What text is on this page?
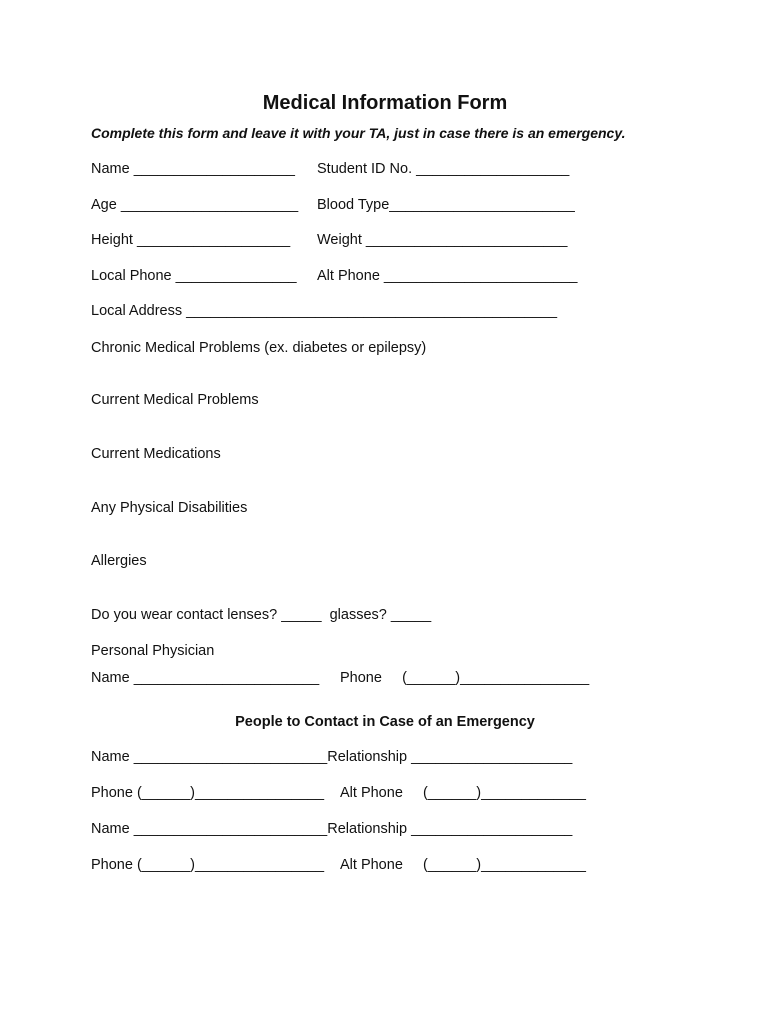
Medical Information Form
Complete this form and leave it with your TA, just in case there is an emergency.
Name ____________________ Student ID No. ___________________
Age ______________________ Blood Type_______________________
Height ___________________ Weight _________________________
Local Phone _______________ Alt Phone ________________________
Local Address ______________________________________________
Chronic Medical Problems (ex. diabetes or epilepsy)
Current Medical Problems
Current Medications
Any Physical Disabilities
Allergies
Do you wear contact lenses? _____  glasses? _____
Personal Physician
Name _______________________ Phone     (______)________________
People to Contact in Case of an Emergency
Name ________________________Relationship ____________________
Phone (______)________________ Alt Phone     (______)_____________
Name ________________________Relationship ____________________
Phone (______)________________ Alt Phone     (______)_____________
